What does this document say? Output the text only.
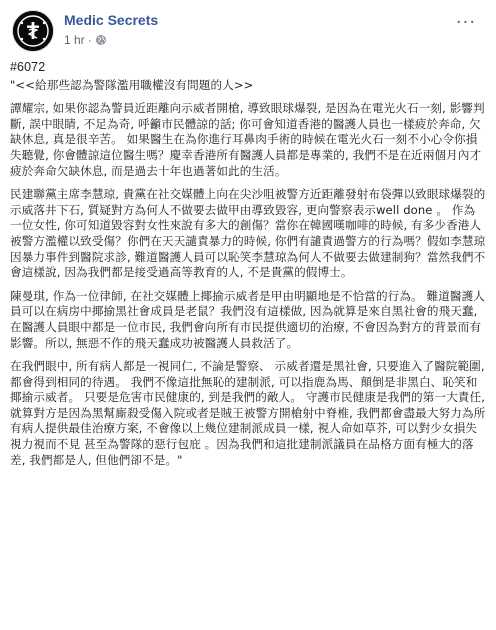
Medic Secrets
1 hr ·
···

#6072

"<<給那些認為警隊濫用職權沒有問題的人>>

譚耀宗, 如果你認為警員近距離向示威者開槍, 導致眼球爆裂, 是因為在電光火石一刻, 影響判斷, 誤中眼睛, 不足為奇, 呼籲市民體諒的話; 你可會知道香港的醫護人員也一樣疲於奔命, 欠缺休息, 真是很辛苦。 如果醫生在為你進行耳鼻肉手術的時候在電光火石一刻不小心令你損失聽覺, 你會體諒這位醫生嗎？慶幸香港所有醫護人員都是專業的, 我們不是在近兩個月內才疲於奔命欠缺休息, 而是過去十年也過著如此的生活。

民建聯黨主席李慧琼, 貴黨在社交媒體上向在尖沙咀被警方近距離發射布袋彈以致眼球爆裂的示威落井下石, 質疑對方為何人不做要去做甲由導致毀容, 更向警察表示well done 。 作為一位女性, 你可知道毀容對女性來說有多大的創傷？當你在韓國嘆咖啡的時候, 有多少香港人 被警方濫權以致受傷？你們在天天譴責暴力的時候, 你們有譴責過警方的行為嗎？假如李慧琼因暴力事件到醫院求診, 難道醫護人員可以恥笑李慧琼為何人不做要去做建制狗？當然我們不會這樣說, 因為我們都是接受過高等教育的人, 不是貴黨的假博士。

陳曼琪, 作為一位律師, 在社交媒體上揶揄示威者是甲由明顯地是不恰當的行為。 難道醫護人員可以在病房中揶揄黑社會成員是老鼠？我們沒有這樣做, 因為就算是來自黑社會的飛天蠢, 在醫護人員眼中都是一位市民, 我們會向所有市民提供適切的治療, 不會因為對方的背景而有影響。所以, 無惡不作的飛天蠢成功被醫護人員救活了。

在我們眼中, 所有病人都是一視同仁, 不論是警察、 示威者還是黑社會, 只要進入了醫院範圍, 都會得到相同的待遇。 我們不像這批無恥的建制派, 可以指鹿為馬、顛倒是非黑白、恥笑和 揶揄示威者。 只要是危害市民健康的, 到是我們的敵人。 守護市民健康是我們的第一大責任, 就算對方是因為黑幫廝殺受傷入院或者是賊王被警方開槍射中脊椎, 我們都會盡最大努力為所有病人提供最佳治療方案, 不會像以上幾位建制派成員一樣, 視人命如草芥, 可以對少女損失視力視而不見 甚至為警隊的惡行包庇 。因為我們和這批建制派議員在品格方面有極大的落差, 我們都是人, 但他們卻不是。"
